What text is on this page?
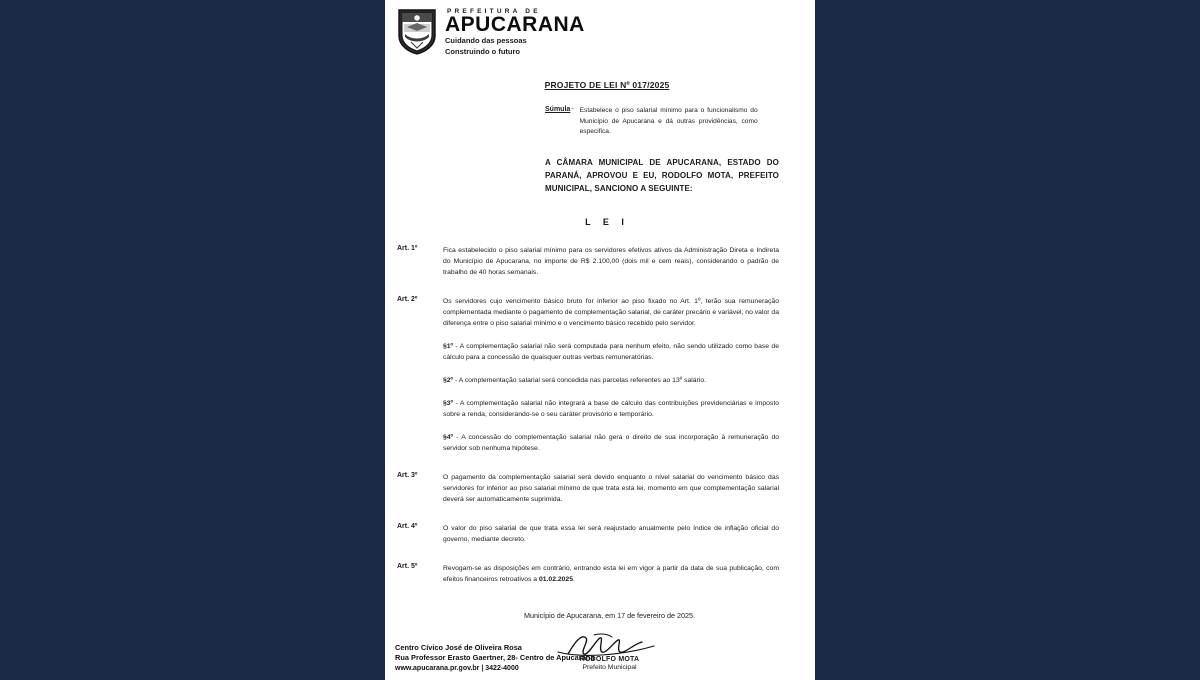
PREFEITURA DE
APUCARANA
Cuidando das pessoas
Construindo o futuro
PROJETO DE LEI Nº 017/2025
Súmula - Estabelece o piso salarial mínimo para o funcionalismo do Município de Apucarana e dá outras providências, como especifica.
A CÂMARA MUNICIPAL DE APUCARANA, ESTADO DO PARANÁ, APROVOU E EU, RODOLFO MOTA, PREFEITO MUNICIPAL, SANCIONO A SEGUINTE:
L E I
Art. 1º	Fica estabelecido o piso salarial mínimo para os servidores efetivos ativos da Administração Direta e Indireta do Município de Apucarana, no importe de R$ 2.100,00 (dois mil e cem reais), considerando o padrão de trabalho de 40 horas semanais.
Art. 2º	Os servidores cujo vencimento básico bruto for inferior ao piso fixado no Art. 1º, terão sua remuneração complementada mediante o pagamento de complementação salarial, de caráter precário e variável, no valor da diferença entre o piso salarial mínimo e o vencimento básico recebido pelo servidor.
§1º - A complementação salarial não será computada para nenhum efeito, não sendo utilizado como base de cálculo para a concessão de quaisquer outras verbas remuneratórias.
§2º - A complementação salarial será concedida nas parcelas referentes ao 13º salário.
§3º - A complementação salarial não integrará a base de cálculo das contribuições previdenciárias e imposto sobre a renda, considerando-se o seu caráter provisório e temporário.
§4º - A concessão do complementação salarial não gera o direito de sua incorporação à remuneração do servidor sob nenhuma hipótese.
Art. 3º	O pagamento da complementação salarial será devido enquanto o nível salarial do vencimento básico das servidores for inferior ao piso salarial mínimo de que trata esta lei, momento em que complementação salarial deverá ser automaticamente suprimida.
Art. 4º	O valor do piso salarial de que trata essa lei será reajustado anualmente pelo índice de inflação oficial do governo, mediante decreto.
Art. 5º	Revogam-se as disposições em contrário, entrando esta lei em vigor a partir da data de sua publicação, com efeitos financeiros retroativos a 01.02.2025.
Município de Apucarana, em 17 de fevereiro de 2025.
RODOLFO MOTA
Prefeito Municipal
Centro Cívico José de Oliveira Rosa
Rua Professor Erasto Gaertner, 28- Centro de Apucarana
www.apucarana.pr.gov.br | 3422-4000
